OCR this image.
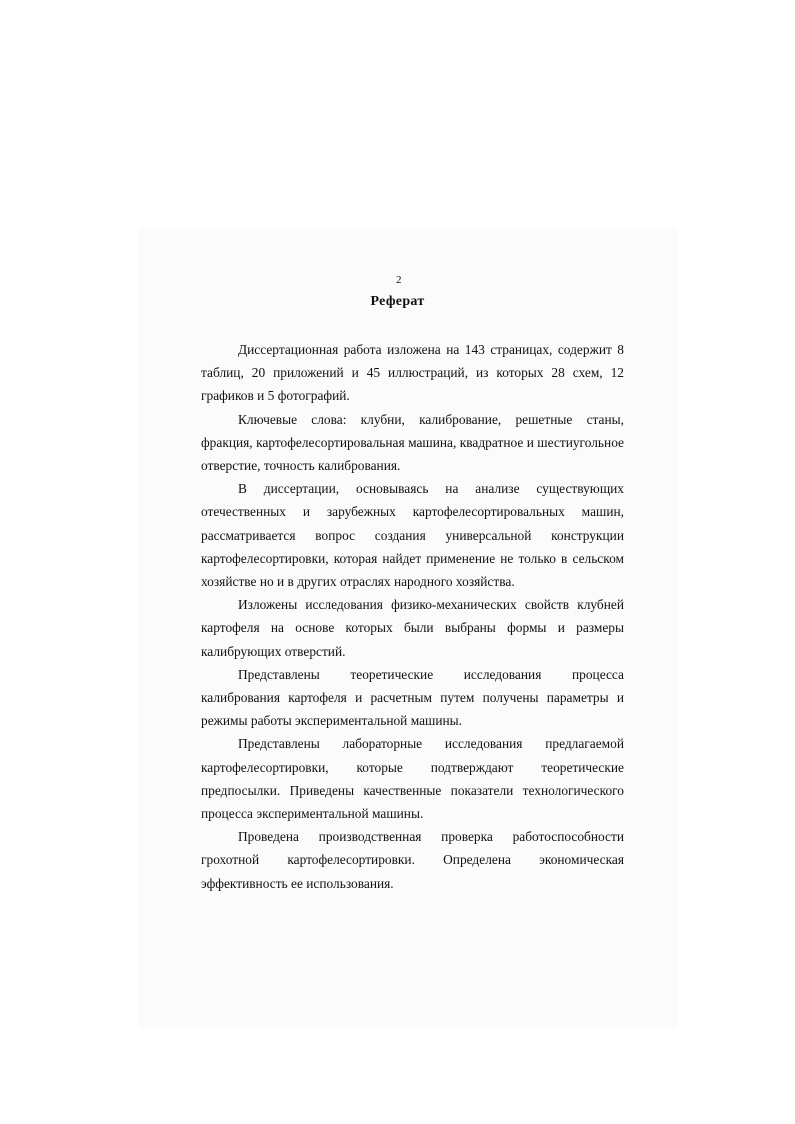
2
Реферат

Диссертационная работа изложена на 143 страницах, содержит 8 таблиц, 20 приложений и 45 иллюстраций, из которых 28 схем, 12 графиков и 5 фотографий.

Ключевые слова: клубни, калибрование, решетные станы, фракция, картофелесортировальная машина, квадратное и шестиугольное отверстие, точность калибрования.

В диссертации, основываясь на анализе существующих отечественных и зарубежных картофелесортировальных машин, рассматривается вопрос создания универсальной конструкции картофелесортировки, которая найдет применение не только в сельском хозяйстве но и в других отраслях народного хозяйства.

Изложены исследования физико-механических свойств клубней картофеля на основе которых были выбраны формы и размеры калибрующих отверстий.

Представлены теоретические исследования процесса калибрования картофеля и расчетным путем получены параметры и режимы работы экспериментальной машины.

Представлены лабораторные исследования предлагаемой картофелесортировки, которые подтверждают теоретические предпосылки. Приведены качественные показатели технологического процесса экспериментальной машины.

Проведена производственная проверка работоспособности грохотной картофелесортировки. Определена экономическая эффективность ее использования.
